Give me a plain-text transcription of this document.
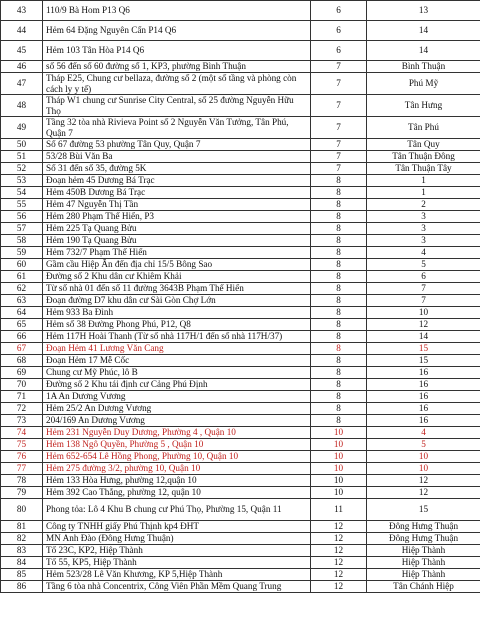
43	110/9 Bà Hom P13 Q6	6	13
44	Hẻm 64 Đặng Nguyên Cẩn P14 Q6	6	14
45	Hẻm 103 Tân Hòa P14 Q6	6	14
46	số 56 đến số 60 đường số 1, KP3, phường Bình Thuận	7	Bình Thuận
47	Tháp E25, Chung cư bellaza, đường số 2 (một số tầng và phòng còn cách ly y tế)	7	Phú Mỹ
48	Tháp W1 chung cư Sunrise City Central, số 25 đường Nguyễn Hữu Thọ	7	Tân Hưng
49	Tầng 32 tòa nhà Rivieva Point số 2 Nguyễn Văn Tưởng, Tân Phú, Quận 7	7	Tân Phú
50	Số 67 đường 53 phường Tân Quy, Quận 7	7	Tân Quy
51	53/28 Bùi Văn Ba	7	Tân Thuận Đông
52	Số 31 đến số 35, đường 5K	7	Tân Thuận Tây
53	Đoạn hẻm 45 Dương Bá Trạc	8	1
54	Hẻm 450B Dương Bá Trạc	8	1
55	Hẻm 47 Nguyễn Thị Tần	8	2
56	Hẻm 280 Phạm Thế Hiển, P3	8	3
57	Hẻm 225 Tạ Quang Bửu	8	3
58	Hẻm 190 Tạ Quang Bửu	8	3
59	Hẻm 732/7 Phạm Thế Hiển	8	4
60	Gầm cầu Hiệp Ân đến địa chỉ 15/5 Bông Sao	8	5
61	Đường số 2 Khu dân cư Khiêm Khải	8	6
62	Từ số nhà 01 đến số 11 đường 3643B Phạm Thế Hiển	8	7
63	Đoạn đường D7 khu dân cư Sài Gòn Chợ Lớn	8	7
64	Hẻm 933 Ba Đình	8	10
65	Hẻm số 38 Đường Phong Phú, P12, Q8	8	12
66	Hẻm 117H Hoài Thanh (Từ số nhà 117H/1 đến số nhà 117H/37)	8	14
67	Đoạn Hẻm 41 Lương Văn Cang	8	15
68	Đoạn Hẻm 17 Mễ Cốc	8	15
69	Chung cư Mỹ Phúc, lô B	8	16
70	Đường số 2 Khu tái định cư Cảng Phú Định	8	16
71	1A An Dương Vương	8	16
72	Hẻm 25/2 An Dương Vương	8	16
73	204/169 An Dương Vương	8	16
74	Hẻm 231 Nguyễn Duy Dương, Phường 4 , Quận 10	10	4
75	Hẻm 138 Ngô Quyền, Phường 5 , Quận 10	10	5
76	Hẻm 652-654 Lê Hồng Phong, Phường 10, Quận 10	10	10
77	Hẻm 275 đường 3/2, phường 10, Quận 10	10	10
78	Hẻm 133 Hòa Hưng, phường 12,quận 10	10	12
79	Hẻm 392 Cao Thắng, phường 12, quận 10	10	12
80	Phong tỏa: Lô 4 Khu B chung cư Phú Thọ, Phường 15, Quận 11	11	15
81	Công ty TNHH giấy Phú Thịnh kp4 ĐHT	12	Đông Hưng Thuận
82	MN Anh Đào (Đông Hưng Thuận)	12	Đông Hưng Thuận
83	Tổ 23C, KP2, Hiệp Thành	12	Hiệp Thành
84	Tổ 55, KP5, Hiệp Thành	12	Hiệp Thành
85	Hẻm 523/28 Lê Văn Khương, KP 5,Hiệp Thành	12	Hiệp Thành
86	Tầng 6 tòa nhà Concentrix, Công Viên Phần Mềm Quang Trung	12	Tân Chánh Hiệp
